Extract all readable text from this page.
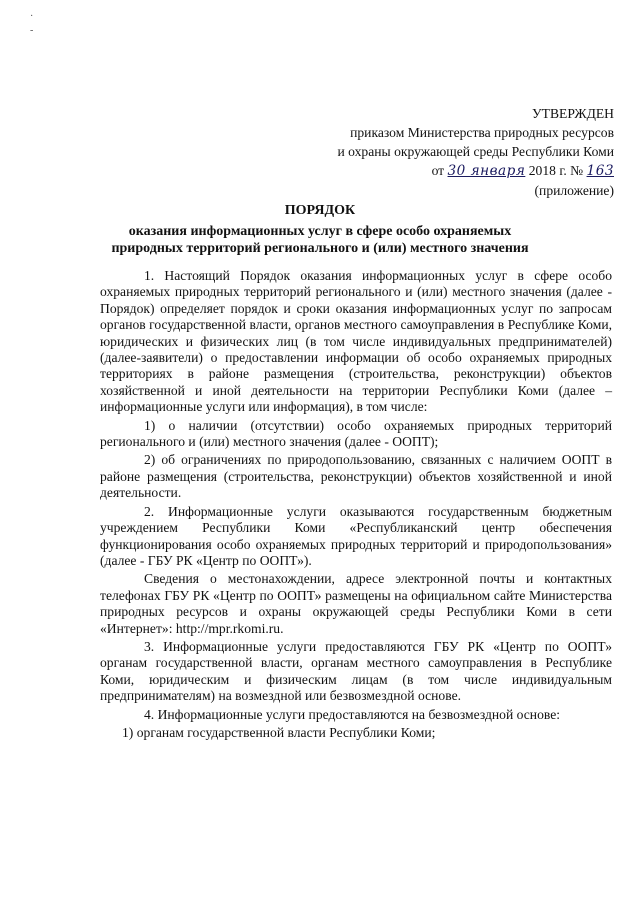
·
-
УТВЕРЖДЕН
приказом Министерства природных ресурсов
и охраны окружающей среды Республики Коми
от 30 января 2018 г. № 163
(приложение)
ПОРЯДОК
оказания информационных услуг в сфере особо охраняемых
природных территорий регионального и (или) местного значения

1. Настоящий Порядок оказания информационных услуг в сфере особо охраняемых природных территорий регионального и (или) местного значения (далее - Порядок) определяет порядок и сроки оказания информационных услуг по запросам органов государственной власти, органов местного самоуправления в Республике Коми, юридических и физических лиц (в том числе индивидуальных предпринимателей) (далее-заявители) о предоставлении информации об особо охраняемых природных территориях в районе размещения (строительства, реконструкции) объектов хозяйственной и иной деятельности на территории Республики Коми (далее – информационные услуги или информация), в том числе:

1) о наличии (отсутствии) особо охраняемых природных территорий регионального и (или) местного значения (далее - ООПТ);

2) об ограничениях по природопользованию, связанных с наличием ООПТ в районе размещения (строительства, реконструкции) объектов хозяйственной и иной деятельности.

2. Информационные услуги оказываются государственным бюджетным учреждением Республики Коми «Республиканский центр обеспечения функционирования особо охраняемых природных территорий и природопользования» (далее - ГБУ РК «Центр по ООПТ»).

Сведения о местонахождении, адресе электронной почты и контактных телефонах ГБУ РК «Центр по ООПТ» размещены на официальном сайте Министерства природных ресурсов и охраны окружающей среды Республики Коми в сети «Интернет»: http://mpr.rkomi.ru.

3. Информационные услуги предоставляются ГБУ РК «Центр по ООПТ» органам государственной власти, органам местного самоуправления в Республике Коми, юридическим и физическим лицам (в том числе индивидуальным предпринимателям) на возмездной или безвозмездной основе.

4. Информационные услуги предоставляются на безвозмездной основе:

1) органам государственной власти Республики Коми;
